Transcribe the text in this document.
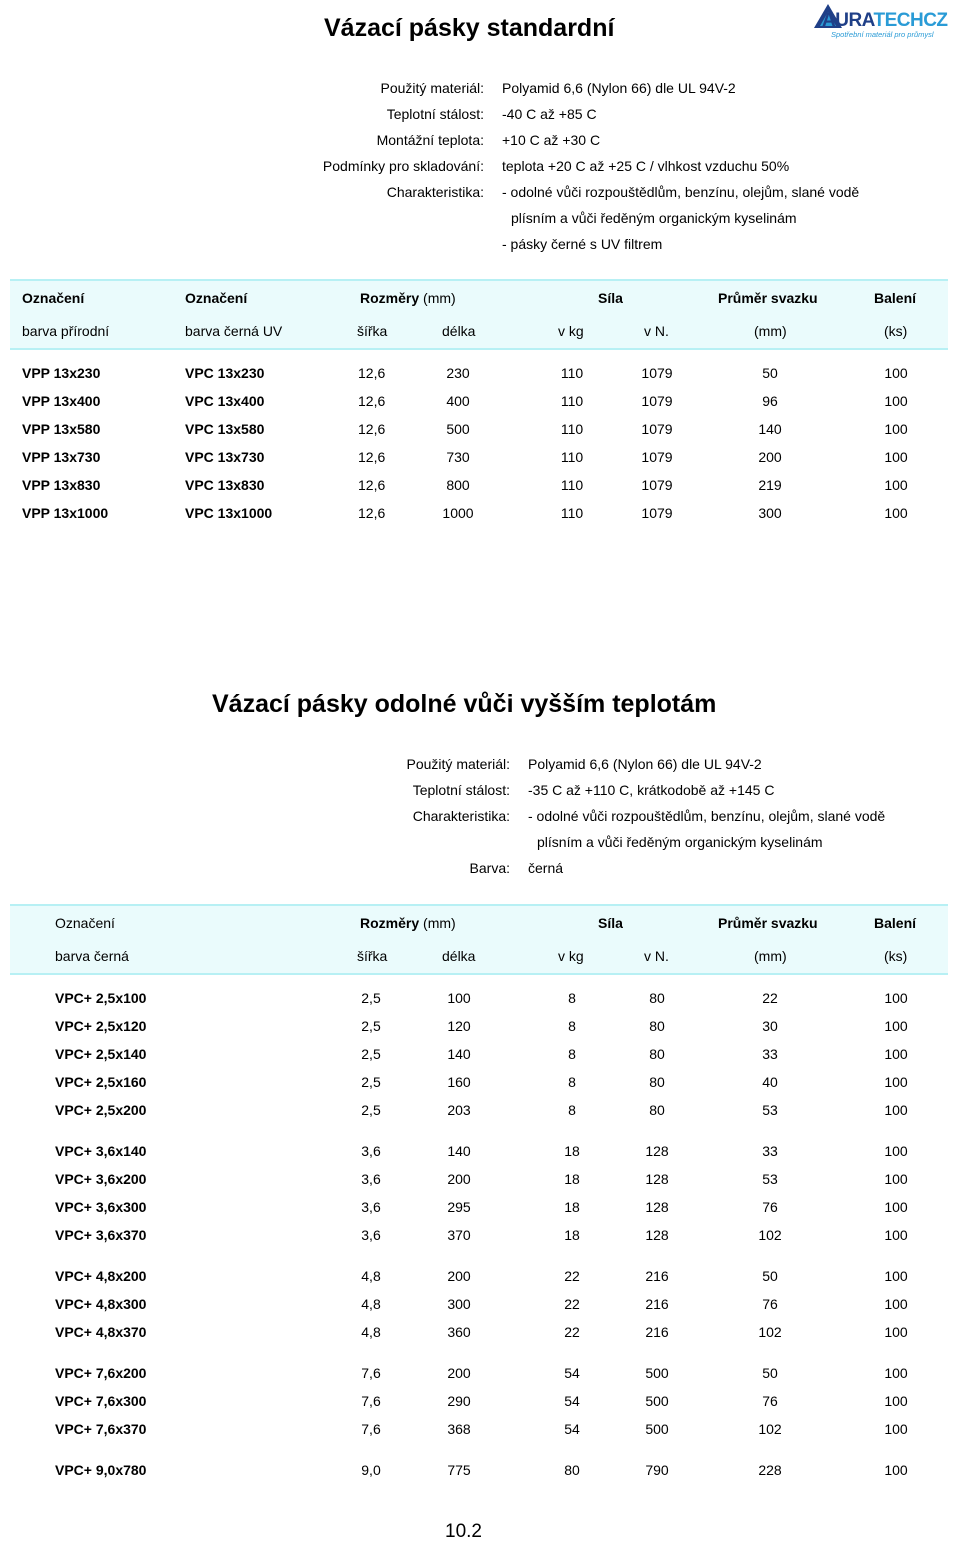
AURATECHCZ
Spotřební materiál pro průmysl
Vázací pásky standardní
Použitý materiál: Polyamid 6,6 (Nylon 66) dle UL 94V-2
Teplotní stálost: -40 C až +85 C
Montážní teplota: +10 C až +30 C
Podmínky pro skladování: teplota +20 C až +25 C / vlhkost vzduchu 50%
Charakteristika: - odolné vůči rozpouštědlům, benzínu, olejům, slané vodě
plísním a vůči ředěným organickým kyselinám
- pásky černé s UV filtrem
Označení	Označení	Rozměry (mm)	Síla	Průměr svazku	Balení
barva přírodní	barva černá UV	šířka	délka	v kg	v N.	(mm)	(ks)
VPP 13x230	VPC 13x230	12,6	230	110	1079	50	100
VPP 13x400	VPC 13x400	12,6	400	110	1079	96	100
VPP 13x580	VPC 13x580	12,6	500	110	1079	140	100
VPP 13x730	VPC 13x730	12,6	730	110	1079	200	100
VPP 13x830	VPC 13x830	12,6	800	110	1079	219	100
VPP 13x1000	VPC 13x1000	12,6	1000	110	1079	300	100
Vázací pásky odolné vůči vyšším teplotám
Použitý materiál: Polyamid 6,6 (Nylon 66) dle UL 94V-2
Teplotní stálost: -35 C až +110 C, krátkodobě až +145 C
Charakteristika: - odolné vůči rozpouštědlům, benzínu, olejům, slané vodě
plísním a vůči ředěným organickým kyselinám
Barva: černá
Označení	Rozměry (mm)	Síla	Průměr svazku	Balení
barva černá	šířka	délka	v kg	v N.	(mm)	(ks)
VPC+ 2,5x100	2,5	100	8	80	22	100
VPC+ 2,5x120	2,5	120	8	80	30	100
VPC+ 2,5x140	2,5	140	8	80	33	100
VPC+ 2,5x160	2,5	160	8	80	40	100
VPC+ 2,5x200	2,5	203	8	80	53	100
VPC+ 3,6x140	3,6	140	18	128	33	100
VPC+ 3,6x200	3,6	200	18	128	53	100
VPC+ 3,6x300	3,6	295	18	128	76	100
VPC+ 3,6x370	3,6	370	18	128	102	100
VPC+ 4,8x200	4,8	200	22	216	50	100
VPC+ 4,8x300	4,8	300	22	216	76	100
VPC+ 4,8x370	4,8	360	22	216	102	100
VPC+ 7,6x200	7,6	200	54	500	50	100
VPC+ 7,6x300	7,6	290	54	500	76	100
VPC+ 7,6x370	7,6	368	54	500	102	100
VPC+ 9,0x780	9,0	775	80	790	228	100
10.2
